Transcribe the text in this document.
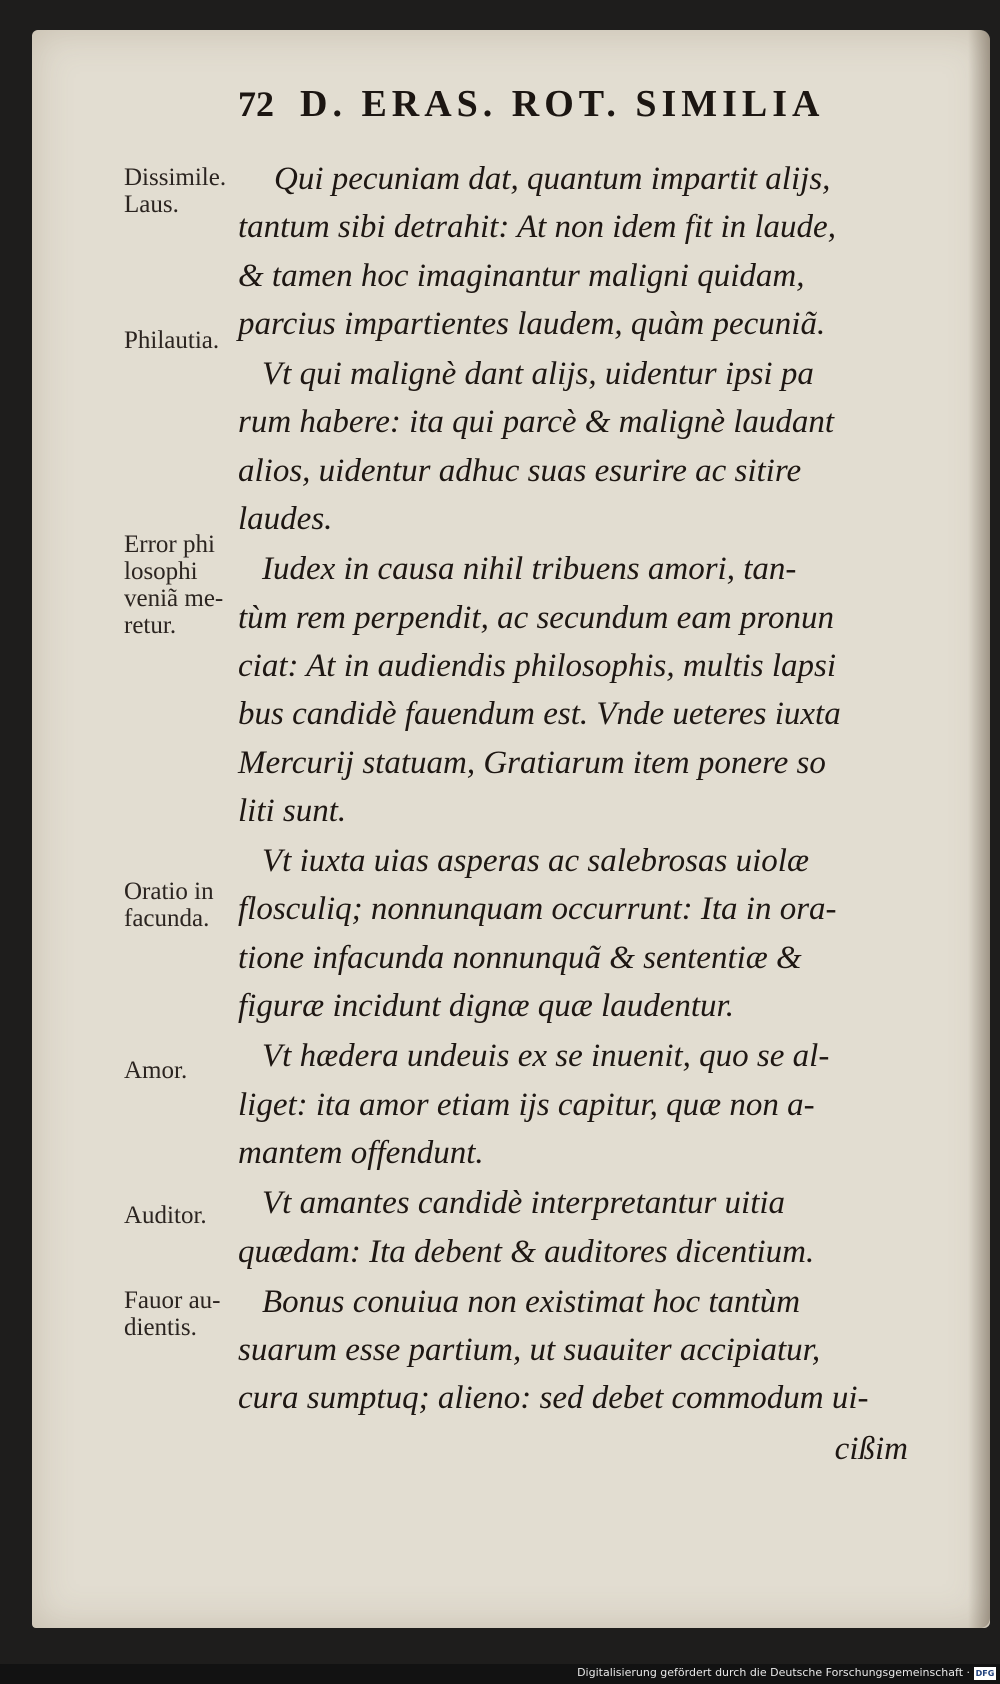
72 D. ERAS. ROT. SIMILIA
Dissimile.
Laus.
Philautia.
Error phi
losophi
veniã me-
retur.
Oratio in
facunda.
Amor.
Auditor.
Fauor au-
dientis.
Qui pecuniam dat, quantum impartit alijs,
tantum sibi detrahit: At non idem fit in laude,
& tamen hoc imaginantur maligni quidam,
parcius impartientes laudem, quàm pecuniã.
Vt qui malignè dant alijs, uidentur ipsi pa
rum habere: ita qui parcè & malignè laudant
alios, uidentur adhuc suas esurire ac sitire
laudes.
Iudex in causa nihil tribuens amori, tan-
tùm rem perpendit, ac secundum eam pronun
ciat: At in audiendis philosophis, multis lapsi
bus candidè fauendum est. Vnde ueteres iuxta
Mercurij statuam, Gratiarum item ponere so
liti sunt.
Vt iuxta uias asperas ac salebrosas uiolæ
flosculiq; nonnunquam occurrunt: Ita in ora-
tione infacunda nonnunquã & sententiæ &
figuræ incidunt dignæ quæ laudentur.
Vt hædera undeuis ex se inuenit, quo se al-
liget: ita amor etiam ijs capitur, quæ non a-
mantem offendunt.
Vt amantes candidè interpretantur uitia
quædam: Ita debent & auditores dicentium.
Bonus conuiua non existimat hoc tantùm
suarum esse partium, ut suauiter accipiatur,
cura sumptuq; alieno: sed debet commodum ui-
cißim
Digitalisierung gefördert durch die Deutsche Forschungsgemeinschaft · DFG
